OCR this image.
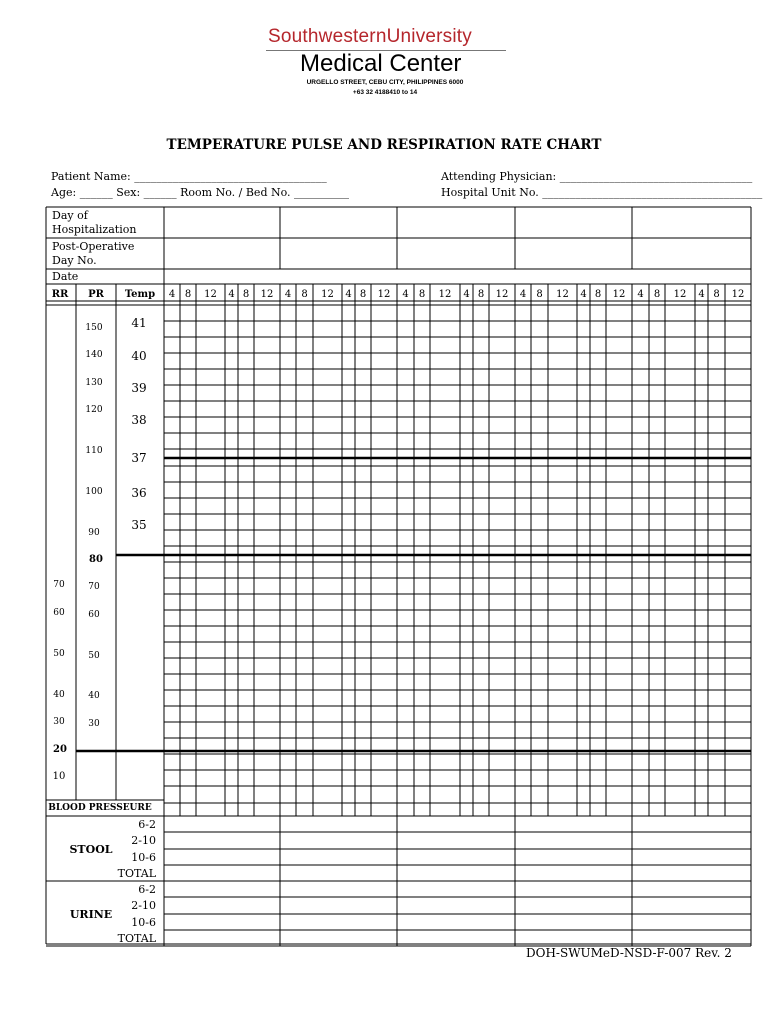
SouthwesternUniversity
Medical Center
URGELLO STREET, CEBU CITY, PHILIPPINES 6000
+63 32 4188410 to 14
TEMPERATURE PULSE AND RESPIRATION RATE CHART
Patient Name: ___________________________________
Age: ______ Sex: ______ Room No. / Bed No. __________
Attending Physician: ___________________________________
Hospital Unit No. ________________________________________
Day of
Hospitalization
Post-Operative
Day No.
Date
RR PR Temp 4 8 12 4 8 12 4 8 12 4 8 12 4 8 12 4 8 12 4 8 12 4 8 12 4 8 12 4 8 12
41
40
39
38
37
36
35
150
140
130
120
110
100
90
80
70
60
50
40
30
20
70
60
50
40
30
10
BLOOD PRESSEURE
STOOL
6-2
2-10
10-6
TOTAL
URINE
6-2
2-10
10-6
TOTAL
DOH-SWUMeD-NSD-F-007 Rev. 2
